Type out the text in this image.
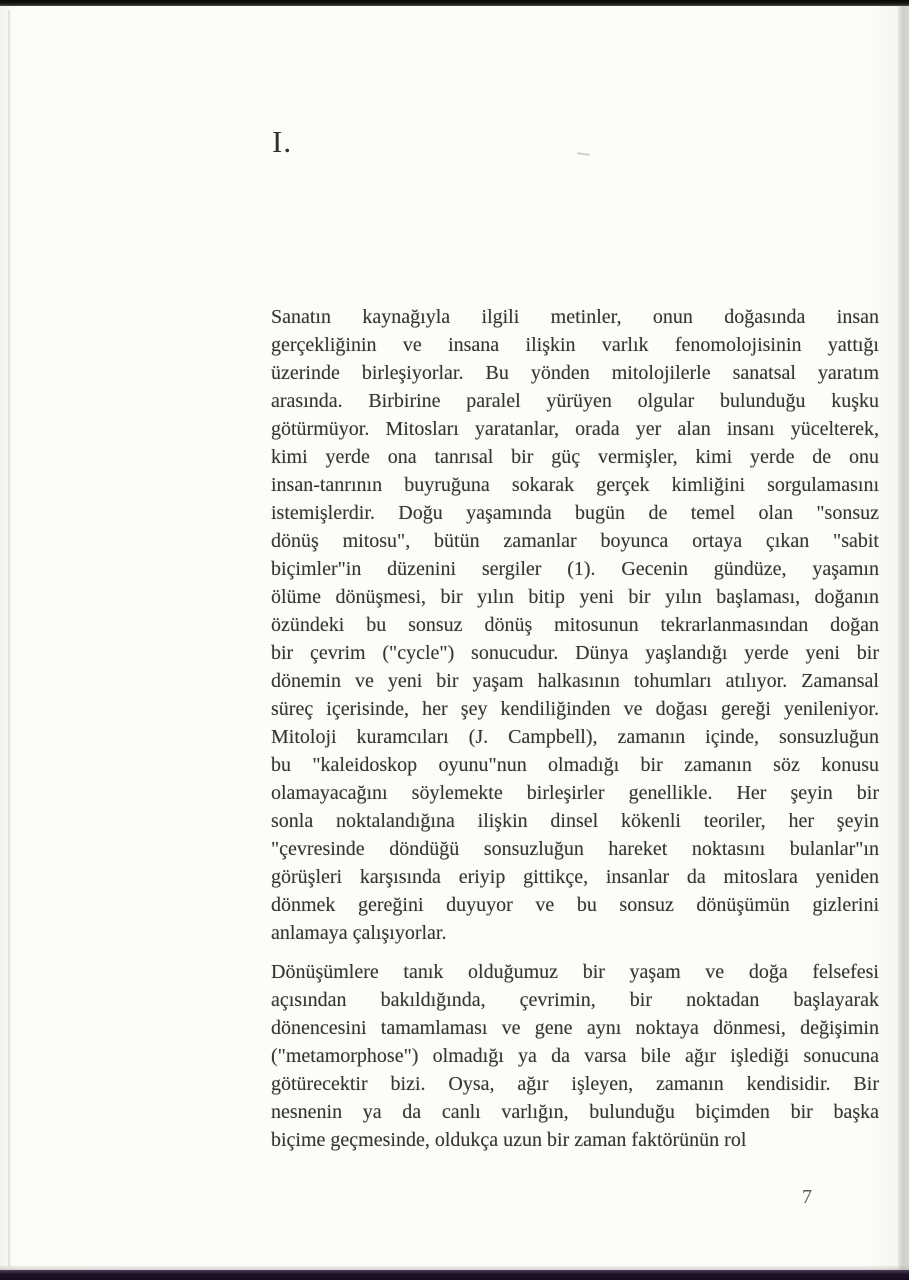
I.
Sanatın kaynağıyla ilgili metinler, onun doğasında insan
gerçekliğinin ve insana ilişkin varlık fenomolojisinin yattığı
üzerinde birleşiyorlar. Bu yönden mitolojilerle sanatsal yaratım
arasında. Birbirine paralel yürüyen olgular bulunduğu kuşku
götürmüyor. Mitosları yaratanlar, orada yer alan insanı yücelterek,
kimi yerde ona tanrısal bir güç vermişler, kimi yerde de onu
insan-tanrının buyruğuna sokarak gerçek kimliğini sorgulamasını
istemişlerdir. Doğu yaşamında bugün de temel olan "sonsuz
dönüş mitosu", bütün zamanlar boyunca ortaya çıkan "sabit
biçimler"in düzenini sergiler (1). Gecenin gündüze, yaşamın
ölüme dönüşmesi, bir yılın bitip yeni bir yılın başlaması, doğanın
özündeki bu sonsuz dönüş mitosunun tekrarlanmasından doğan
bir çevrim ("cycle") sonucudur. Dünya yaşlandığı yerde yeni bir
dönemin ve yeni bir yaşam halkasının tohumları atılıyor. Zamansal
süreç içerisinde, her şey kendiliğinden ve doğası gereği yenileniyor.
Mitoloji kuramcıları (J. Campbell), zamanın içinde, sonsuzluğun
bu "kaleidoskop oyunu"nun olmadığı bir zamanın söz konusu
olamayacağını söylemekte birleşirler genellikle. Her şeyin bir
sonla noktalandığına ilişkin dinsel kökenli teoriler, her şeyin
"çevresinde döndüğü sonsuzluğun hareket noktasını bulanlar"ın
görüşleri karşısında eriyip gittikçe, insanlar da mitoslara yeniden
dönmek gereğini duyuyor ve bu sonsuz dönüşümün gizlerini
anlamaya çalışıyorlar.
Dönüşümlere tanık olduğumuz bir yaşam ve doğa felsefesi
açısından bakıldığında, çevrimin, bir noktadan başlayarak
dönencesini tamamlaması ve gene aynı noktaya dönmesi, değişimin
("metamorphose") olmadığı ya da varsa bile ağır işlediği sonucuna
götürecektir bizi. Oysa, ağır işleyen, zamanın kendisidir. Bir
nesnenin ya da canlı varlığın, bulunduğu biçimden bir başka
biçime geçmesinde, oldukça uzun bir zaman faktörünün rol
7
